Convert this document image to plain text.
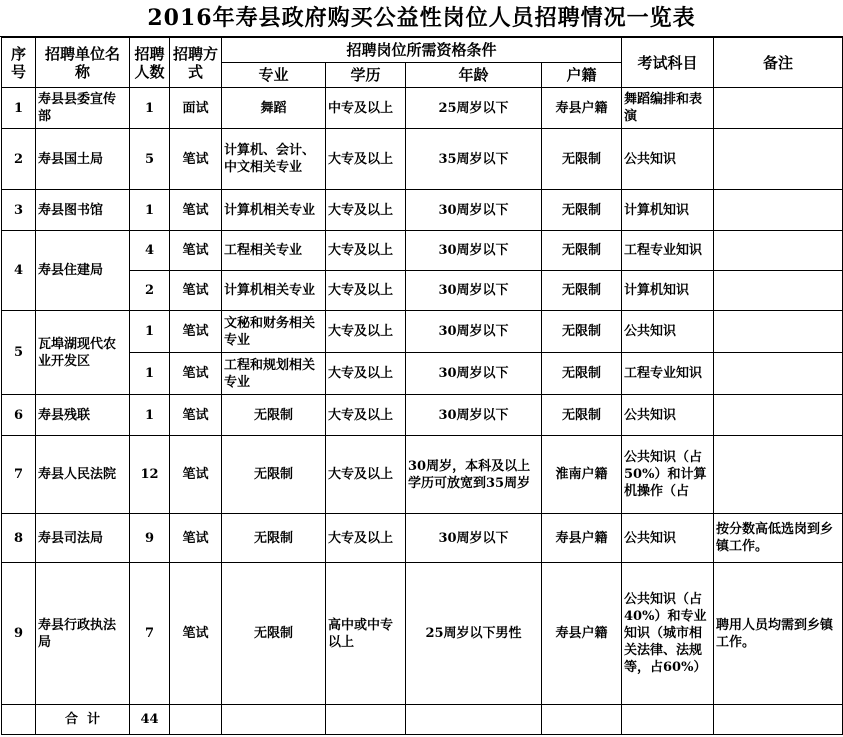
2016年寿县政府购买公益性岗位人员招聘情况一览表
序号	招聘单位名称	招聘人数	招聘方式	招聘岗位所需资格条件				考试科目	备注
				专业	学历	年龄	户籍		
1	寿县县委宣传部	1	面试	舞蹈	中专及以上	25周岁以下	寿县户籍	舞蹈编排和表演	
2	寿县国土局	5	笔试	计算机、会计、中文相关专业	大专及以上	35周岁以下	无限制	公共知识	
3	寿县图书馆	1	笔试	计算机相关专业	大专及以上	30周岁以下	无限制	计算机知识	
4	寿县住建局	4	笔试	工程相关专业	大专及以上	30周岁以下	无限制	工程专业知识	
		2	笔试	计算机相关专业	大专及以上	30周岁以下	无限制	计算机知识	
5	瓦埠湖现代农业开发区	1	笔试	文秘和财务相关专业	大专及以上	30周岁以下	无限制	公共知识	
		1	笔试	工程和规划相关专业	大专及以上	30周岁以下	无限制	工程专业知识	
6	寿县残联	1	笔试	无限制	大专及以上	30周岁以下	无限制	公共知识	
7	寿县人民法院	12	笔试	无限制	大专及以上	30周岁，本科及以上学历可放宽到35周岁	淮南户籍	公共知识（占50%）和计算机操作（占	
8	寿县司法局	9	笔试	无限制	大专及以上	30周岁以下	寿县户籍	公共知识	按分数高低选岗到乡镇工作。
9	寿县行政执法局	7	笔试	无限制	高中或中专以上	25周岁以下男性	寿县户籍	公共知识（占40%）和专业知识（城市相关法律、法规等，占60%）	聘用人员均需到乡镇工作。
	合  计	44							
